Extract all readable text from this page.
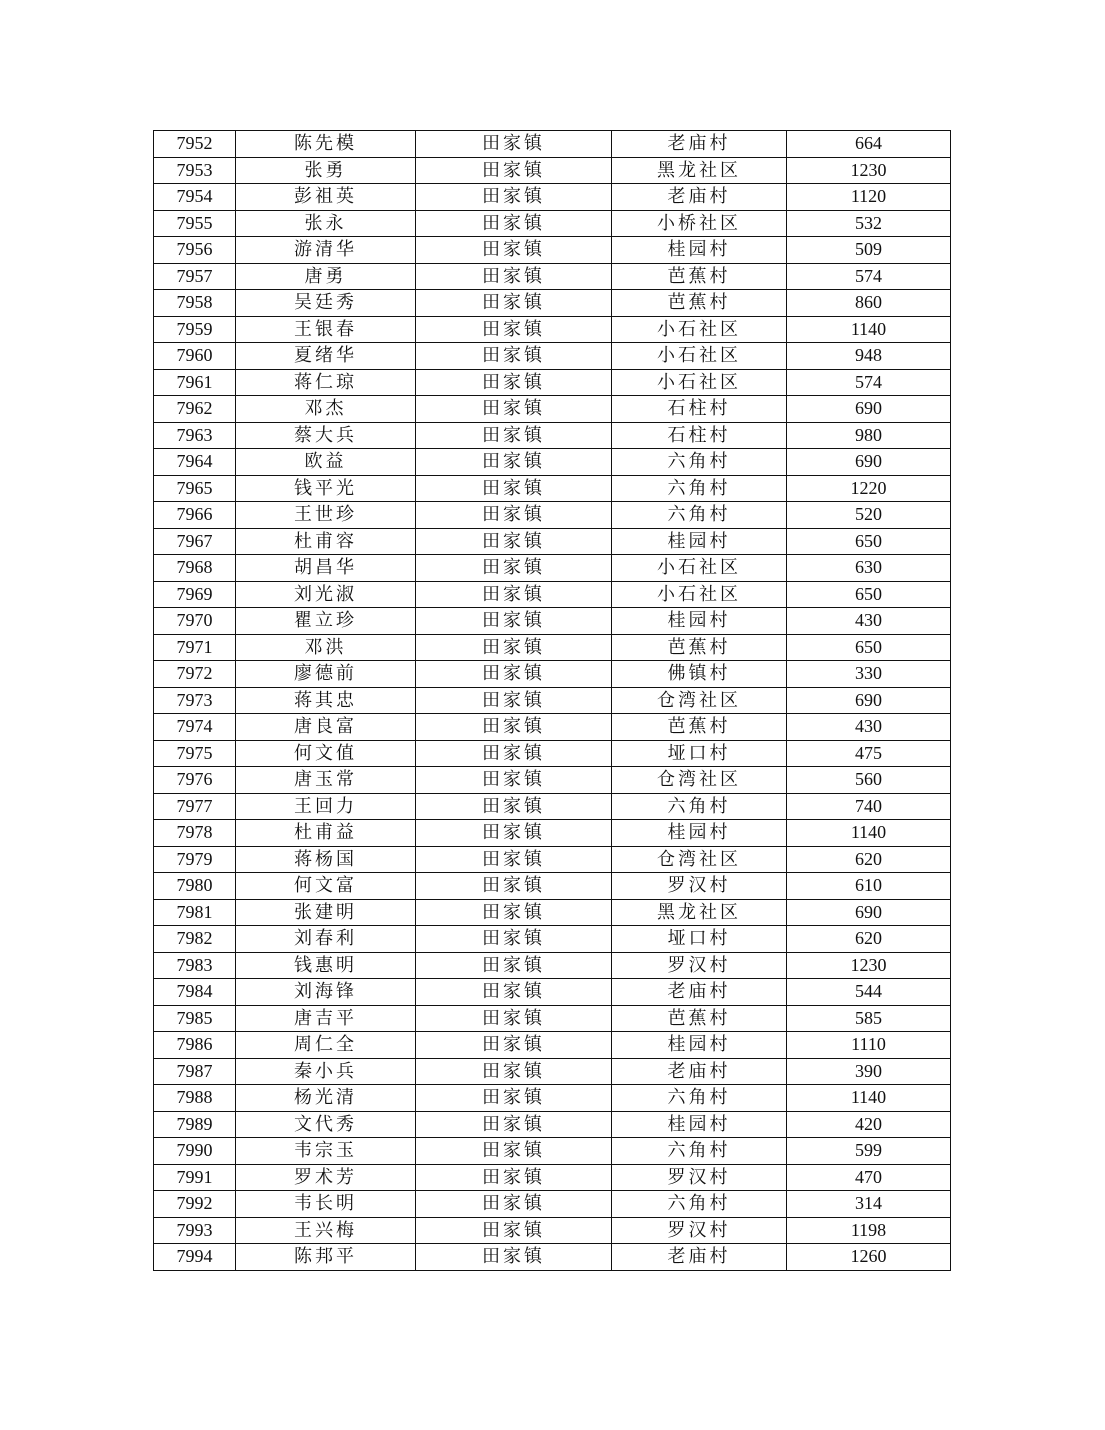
7952	陈先模	田家镇	老庙村	664
7953	张勇	田家镇	黑龙社区	1230
7954	彭祖英	田家镇	老庙村	1120
7955	张永	田家镇	小桥社区	532
7956	游清华	田家镇	桂园村	509
7957	唐勇	田家镇	芭蕉村	574
7958	吴廷秀	田家镇	芭蕉村	860
7959	王银春	田家镇	小石社区	1140
7960	夏绪华	田家镇	小石社区	948
7961	蒋仁琼	田家镇	小石社区	574
7962	邓杰	田家镇	石柱村	690
7963	蔡大兵	田家镇	石柱村	980
7964	欧益	田家镇	六角村	690
7965	钱平光	田家镇	六角村	1220
7966	王世珍	田家镇	六角村	520
7967	杜甫容	田家镇	桂园村	650
7968	胡昌华	田家镇	小石社区	630
7969	刘光淑	田家镇	小石社区	650
7970	瞿立珍	田家镇	桂园村	430
7971	邓洪	田家镇	芭蕉村	650
7972	廖德前	田家镇	佛镇村	330
7973	蒋其忠	田家镇	仓湾社区	690
7974	唐良富	田家镇	芭蕉村	430
7975	何文值	田家镇	垭口村	475
7976	唐玉常	田家镇	仓湾社区	560
7977	王回力	田家镇	六角村	740
7978	杜甫益	田家镇	桂园村	1140
7979	蒋杨国	田家镇	仓湾社区	620
7980	何文富	田家镇	罗汉村	610
7981	张建明	田家镇	黑龙社区	690
7982	刘春利	田家镇	垭口村	620
7983	钱惠明	田家镇	罗汉村	1230
7984	刘海锋	田家镇	老庙村	544
7985	唐吉平	田家镇	芭蕉村	585
7986	周仁全	田家镇	桂园村	1110
7987	秦小兵	田家镇	老庙村	390
7988	杨光清	田家镇	六角村	1140
7989	文代秀	田家镇	桂园村	420
7990	韦宗玉	田家镇	六角村	599
7991	罗术芳	田家镇	罗汉村	470
7992	韦长明	田家镇	六角村	314
7993	王兴梅	田家镇	罗汉村	1198
7994	陈邦平	田家镇	老庙村	1260
